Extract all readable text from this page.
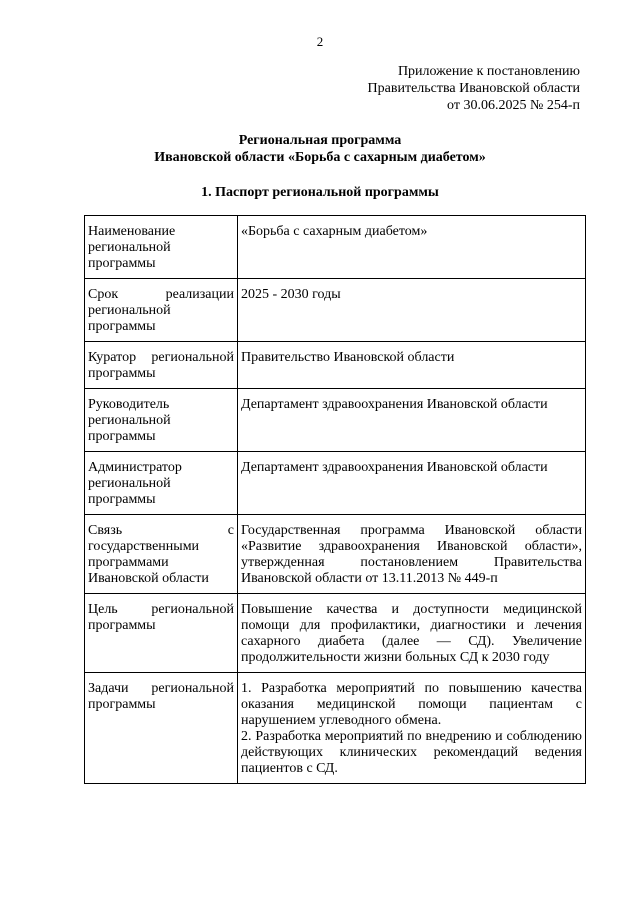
2
Приложение к постановлению
Правительства Ивановской области
от 30.06.2025 № 254-п
Региональная программа
Ивановской области «Борьба с сахарным диабетом»
1. Паспорт региональной программы
Наименование региональной программы	«Борьба с сахарным диабетом»

Срок реализации
региональной программы	2025 - 2030 годы
Куратор региональной программы	Правительство Ивановской области
Руководитель региональной программы	Департамент здравоохранения Ивановской области
Администратор региональной программы	Департамент здравоохранения Ивановской области

Связь с
государственными программами Ивановской области	Государственная программа Ивановской области «Развитие здравоохранения Ивановской области», утвержденная постановлением Правительства Ивановской области от 13.11.2013 № 449-п
Цель региональной программы	Повышение качества и доступности медицинской помощи для профилактики, диагностики и лечения сахарного диабета (далее — СД). Увеличение продолжительности жизни больных СД к 2030 году
Задачи региональной программы	1. Разработка мероприятий по повышению качества оказания медицинской помощи пациентам с нарушением углеводного обмена.
2. Разработка мероприятий по внедрению и соблюдению действующих клинических рекомендаций ведения пациентов с СД.
